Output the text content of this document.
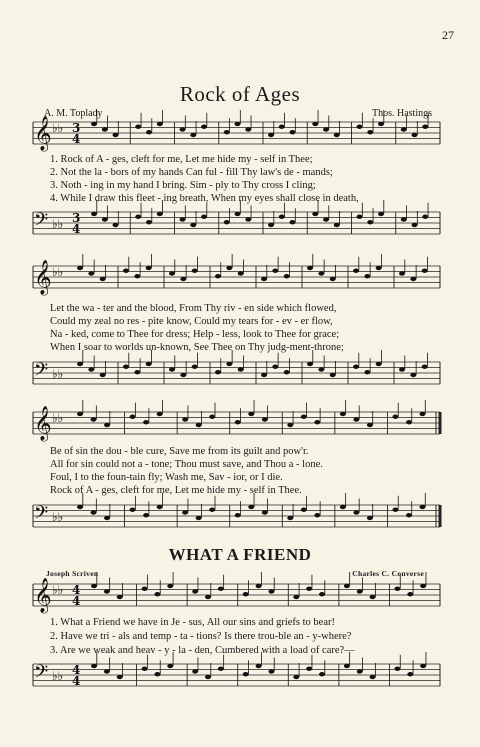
27
Rock of Ages
A. M. Toplady	Thos. Hastings
𝄞 ♭♭ 3
4
1. Rock of A - ges, cleft for me, Let me hide my - self in Thee;
2. Not the la - bors of my hands Can ful - fill Thy law's de - mands;
3. Noth - ing in my hand I bring. Sim - ply to Thy cross I cling;
4. While I draw this fleet - ing breath, When my eyes shall close in death,
𝄢 ♭♭ 3
4
𝄞 ♭♭
Let the wa - ter and the blood, From Thy riv - en side which flowed,
Could my zeal no res - pite know, Could my tears for - ev - er flow,
Na - ked, come to Thee for dress; Help - less, look to Thee for grace;
When I soar to worlds un-known, See Thee on Thy judg-ment-throne;
𝄢 ♭♭
𝄞 ♭♭
Be of sin the dou - ble cure, Save me from its guilt and pow'r.
All for sin could not a - tone; Thou must save, and Thou a - lone.
Foul, I to the foun-tain fly; Wash me, Sav - ior, or I die.
Rock of A - ges, cleft for me, Let me hide my - self in Thee.
𝄢 ♭♭
WHAT A FRIEND
Joseph Scriven	Charles C. Converse
𝄞 ♭♭ 4
4
1. What a Friend we have in Je - sus, All our sins and griefs to bear!
2. Have we tri - als and temp - ta - tions? Is there trou-ble an - y-where?
3. Are we weak and heav - y - la - den, Cumbered with a load of care?—
𝄢 ♭♭ 4
4
